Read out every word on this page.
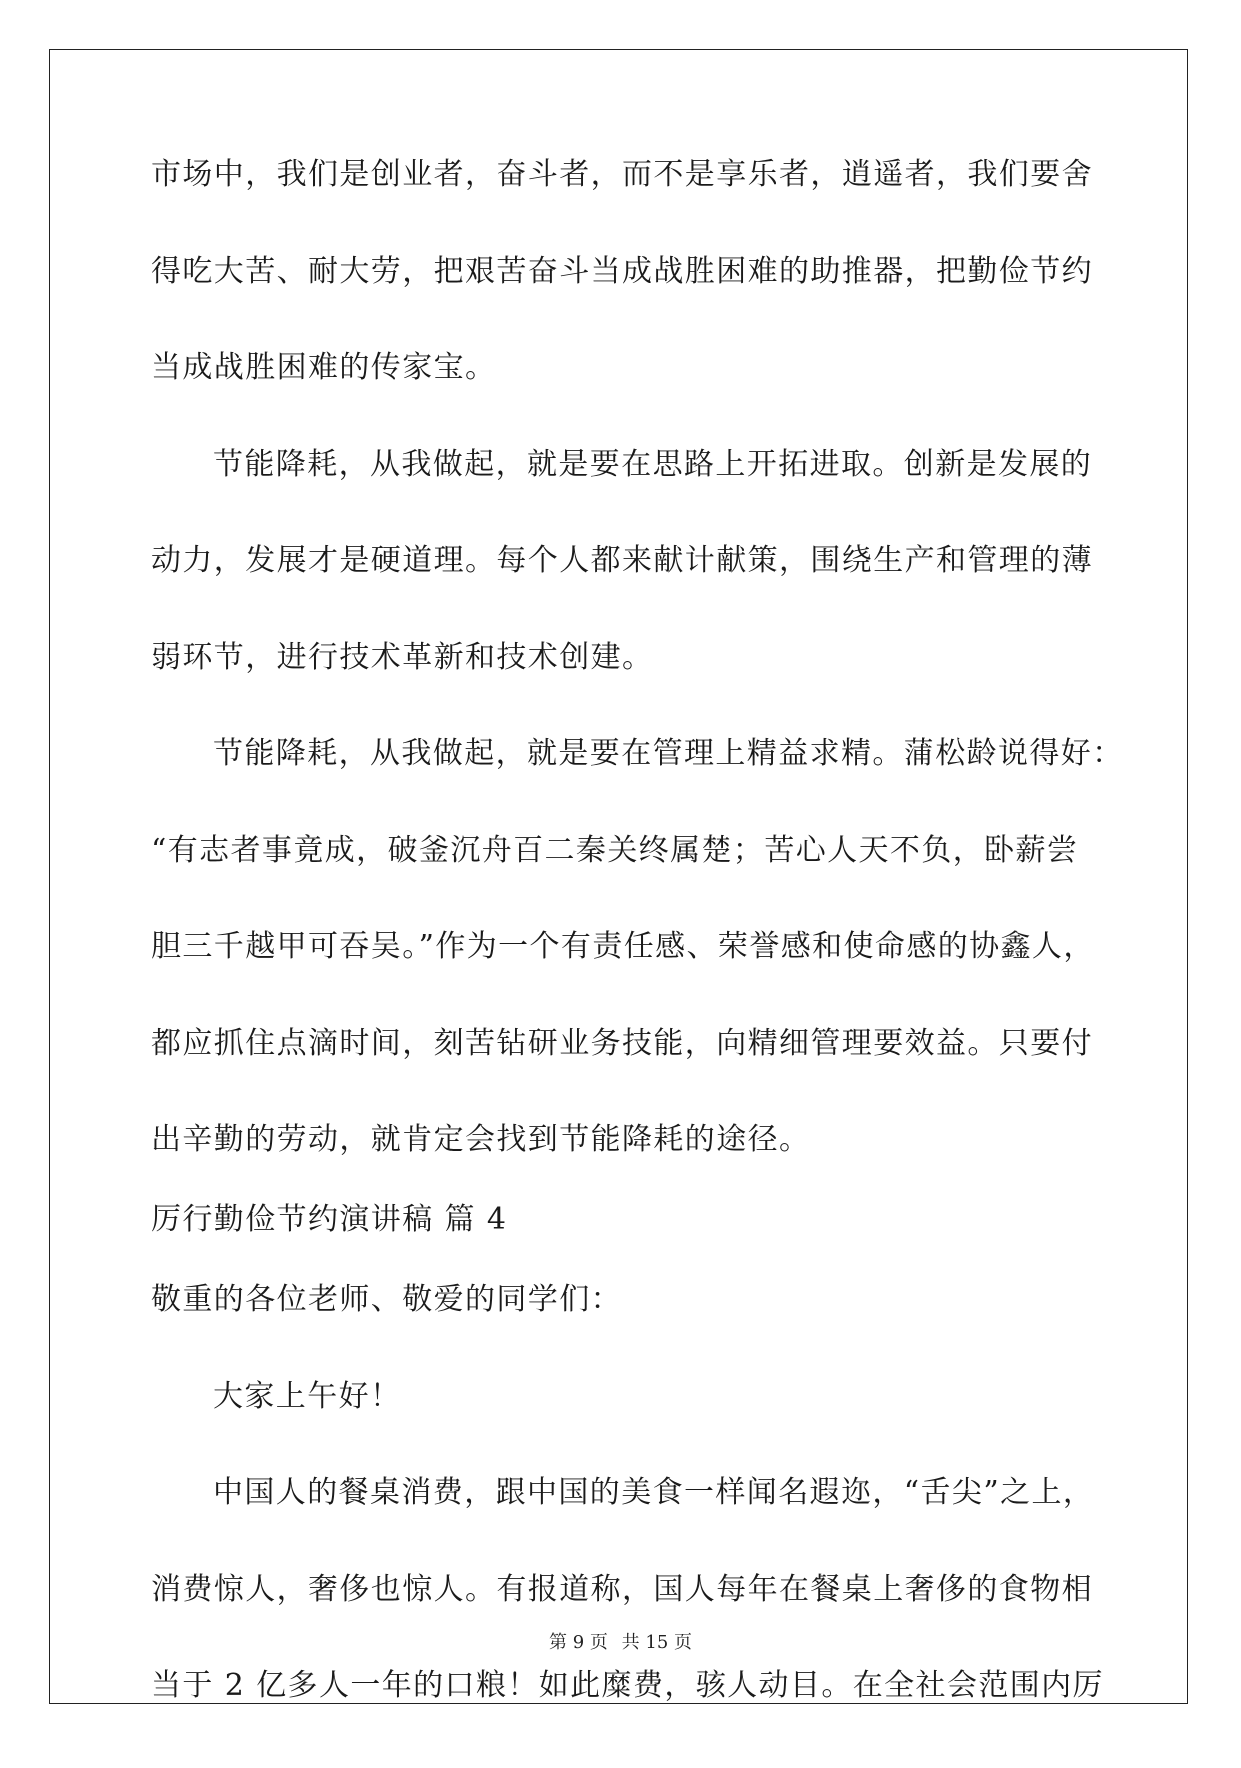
市场中，我们是创业者，奋斗者，而不是享乐者，逍遥者，我们要舍
得吃大苦、耐大劳，把艰苦奋斗当成战胜困难的助推器，把勤俭节约
当成战胜困难的传家宝。
节能降耗，从我做起，就是要在思路上开拓进取。创新是发展的
动力，发展才是硬道理。每个人都来献计献策，围绕生产和管理的薄
弱环节，进行技术革新和技术创建。
节能降耗，从我做起，就是要在管理上精益求精。蒲松龄说得好：
“有志者事竟成，破釜沉舟百二秦关终属楚；苦心人天不负，卧薪尝
胆三千越甲可吞吴。”作为一个有责任感、荣誉感和使命感的协鑫人，
都应抓住点滴时间，刻苦钻研业务技能，向精细管理要效益。只要付
出辛勤的劳动，就肯定会找到节能降耗的途径。
厉行勤俭节约演讲稿 篇 4
敬重的各位老师、敬爱的同学们：
大家上午好！
中国人的餐桌消费，跟中国的美食一样闻名遐迩，“舌尖”之上，
消费惊人，奢侈也惊人。有报道称，国人每年在餐桌上奢侈的食物相
当于 2 亿多人一年的口粮！如此糜费，骇人动目。在全社会范围内厉
第 9 页 共 15 页
